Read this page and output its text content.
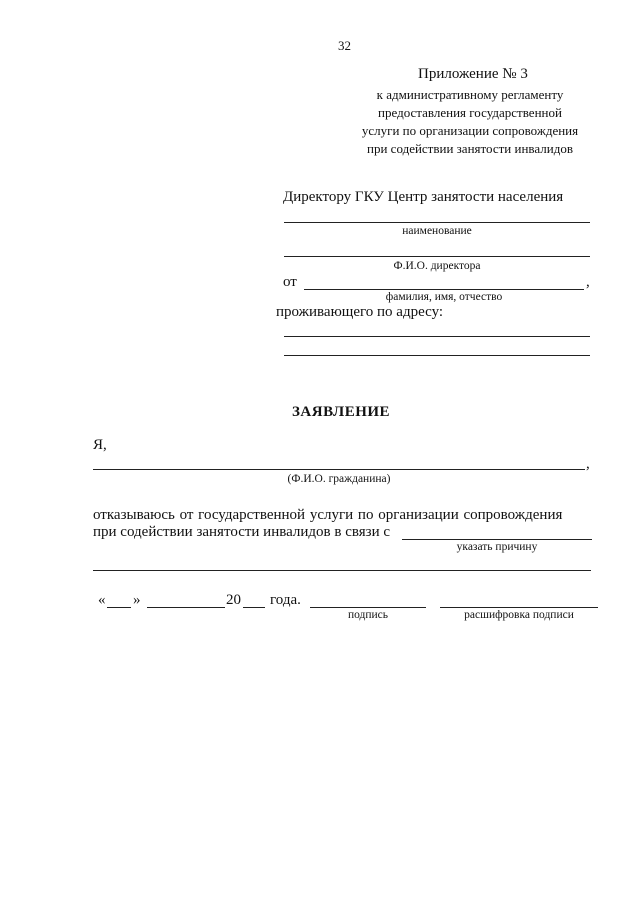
32
Приложение № 3
к административному регламенту
предоставления государственной
услуги по организации сопровождения
при содействии занятости инвалидов
Директору ГКУ Центр занятости населения
наименование
Ф.И.О. директора
от	,
фамилия, имя, отчество
проживающего по адресу:
ЗАЯВЛЕНИЕ
Я,
,
(Ф.И.О. гражданина)
отказываюсь от государственной услуги по организации сопровождения
при содействии занятости инвалидов в связи с
указать причину
« »	20 года.
подпись	расшифровка подписи
